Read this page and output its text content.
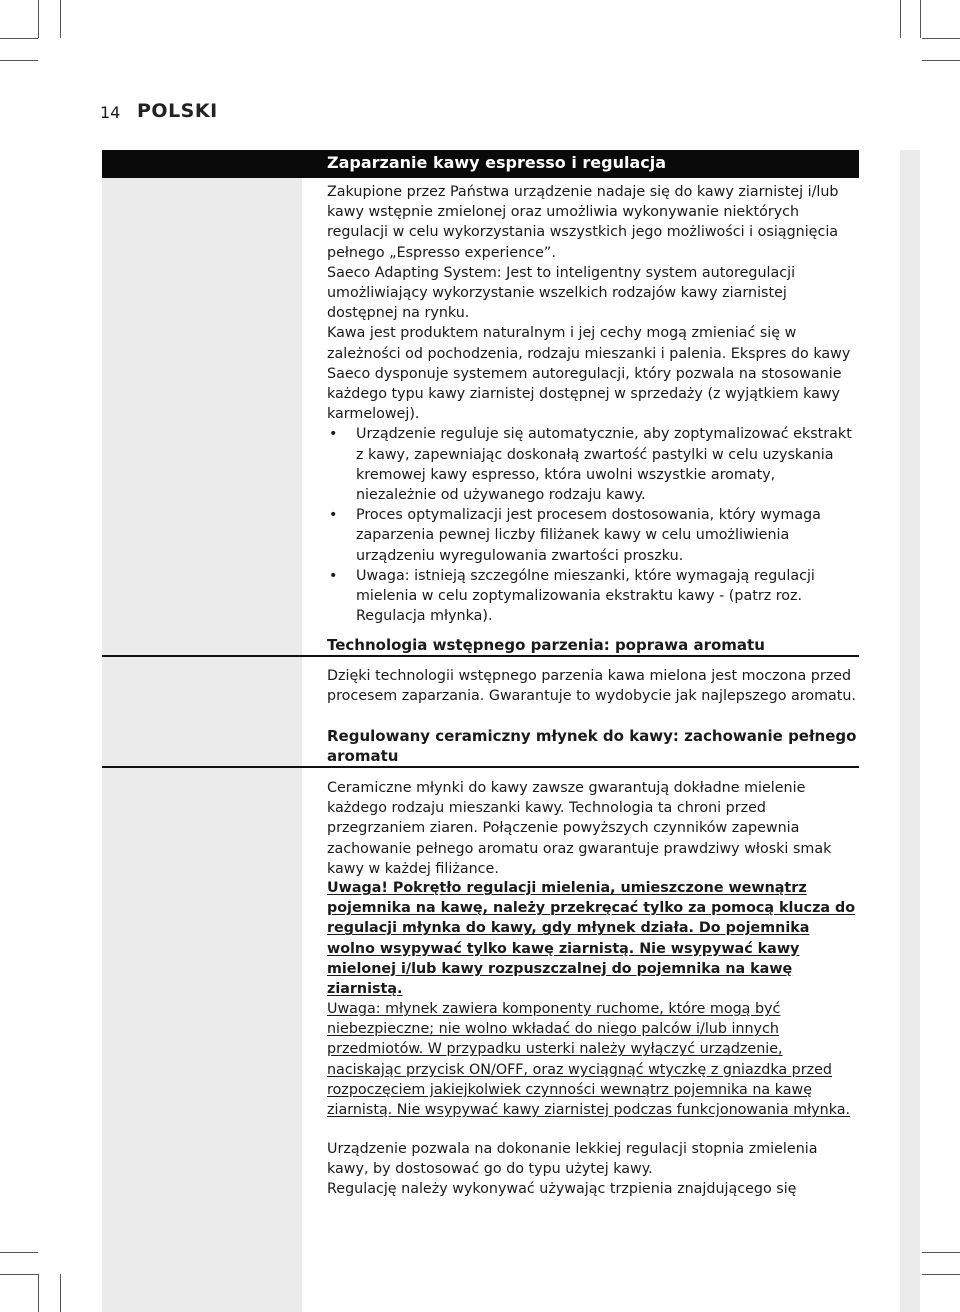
14 POLSKI
Zaparzanie kawy espresso i regulacja

Zakupione przez Państwa urządzenie nadaje się do kawy ziarnistej i/lub kawy wstępnie zmielonej oraz umożliwia wykonywanie niektórych regulacji w celu wykorzystania wszystkich jego możliwości i osiągnięcia pełnego „Espresso experience”.

Saeco Adapting System: Jest to inteligentny system autoregulacji umożliwiający wykorzystanie wszelkich rodzajów kawy ziarnistej dostępnej na rynku.

Kawa jest produktem naturalnym i jej cechy mogą zmieniać się w zależności od pochodzenia, rodzaju mieszanki i palenia. Ekspres do kawy Saeco dysponuje systemem autoregulacji, który pozwala na stosowanie każdego typu kawy ziarnistej dostępnej w sprzedaży (z wyjątkiem kawy karmelowej).

• Urządzenie reguluje się automatycznie, aby zoptymalizować ekstrakt z kawy, zapewniając doskonałą zwartość pastylki w celu uzyskania kremowej kawy espresso, która uwolni wszystkie aromaty, niezależnie od używanego rodzaju kawy.
• Proces optymalizacji jest procesem dostosowania, który wymaga zaparzenia pewnej liczby filiżanek kawy w celu umożliwienia urządzeniu wyregulowania zwartości proszku.
• Uwaga: istnieją szczególne mieszanki, które wymagają regulacji mielenia w celu zoptymalizowania ekstraktu kawy - (patrz roz. Regulacja młynka).
Technologia wstępnego parzenia: poprawa aromatu

Dzięki technologii wstępnego parzenia kawa mielona jest moczona przed procesem zaparzania. Gwarantuje to wydobycie jak najlepszego aromatu.

Regulowany ceramiczny młynek do kawy: zachowanie pełnego aromatu

Ceramiczne młynki do kawy zawsze gwarantują dokładne mielenie każdego rodzaju mieszanki kawy. Technologia ta chroni przed przegrzaniem ziaren. Połączenie powyższych czynników zapewnia zachowanie pełnego aromatu oraz gwarantuje prawdziwy włoski smak kawy w każdej filiżance.

Uwaga! Pokrętło regulacji mielenia, umieszczone wewnątrz pojemnika na kawę, należy przekręcać tylko za pomocą klucza do regulacji młynka do kawy, gdy młynek działa. Do pojemnika wolno wsypywać tylko kawę ziarnistą. Nie wsypywać kawy mielonej i/lub kawy rozpuszczalnej do pojemnika na kawę ziarnistą.

Uwaga: młynek zawiera komponenty ruchome, które mogą być niebezpieczne; nie wolno wkładać do niego palców i/lub innych przedmiotów. W przypadku usterki należy wyłączyć urządzenie, naciskając przycisk ON/OFF, oraz wyciągnąć wtyczkę z gniazdka przed rozpoczęciem jakiejkolwiek czynności wewnątrz pojemnika na kawę ziarnistą. Nie wsypywać kawy ziarnistej podczas funkcjonowania młynka.

Urządzenie pozwala na dokonanie lekkiej regulacji stopnia zmielenia kawy, by dostosować go do typu użytej kawy.

Regulację należy wykonywać używając trzpienia znajdującego się
